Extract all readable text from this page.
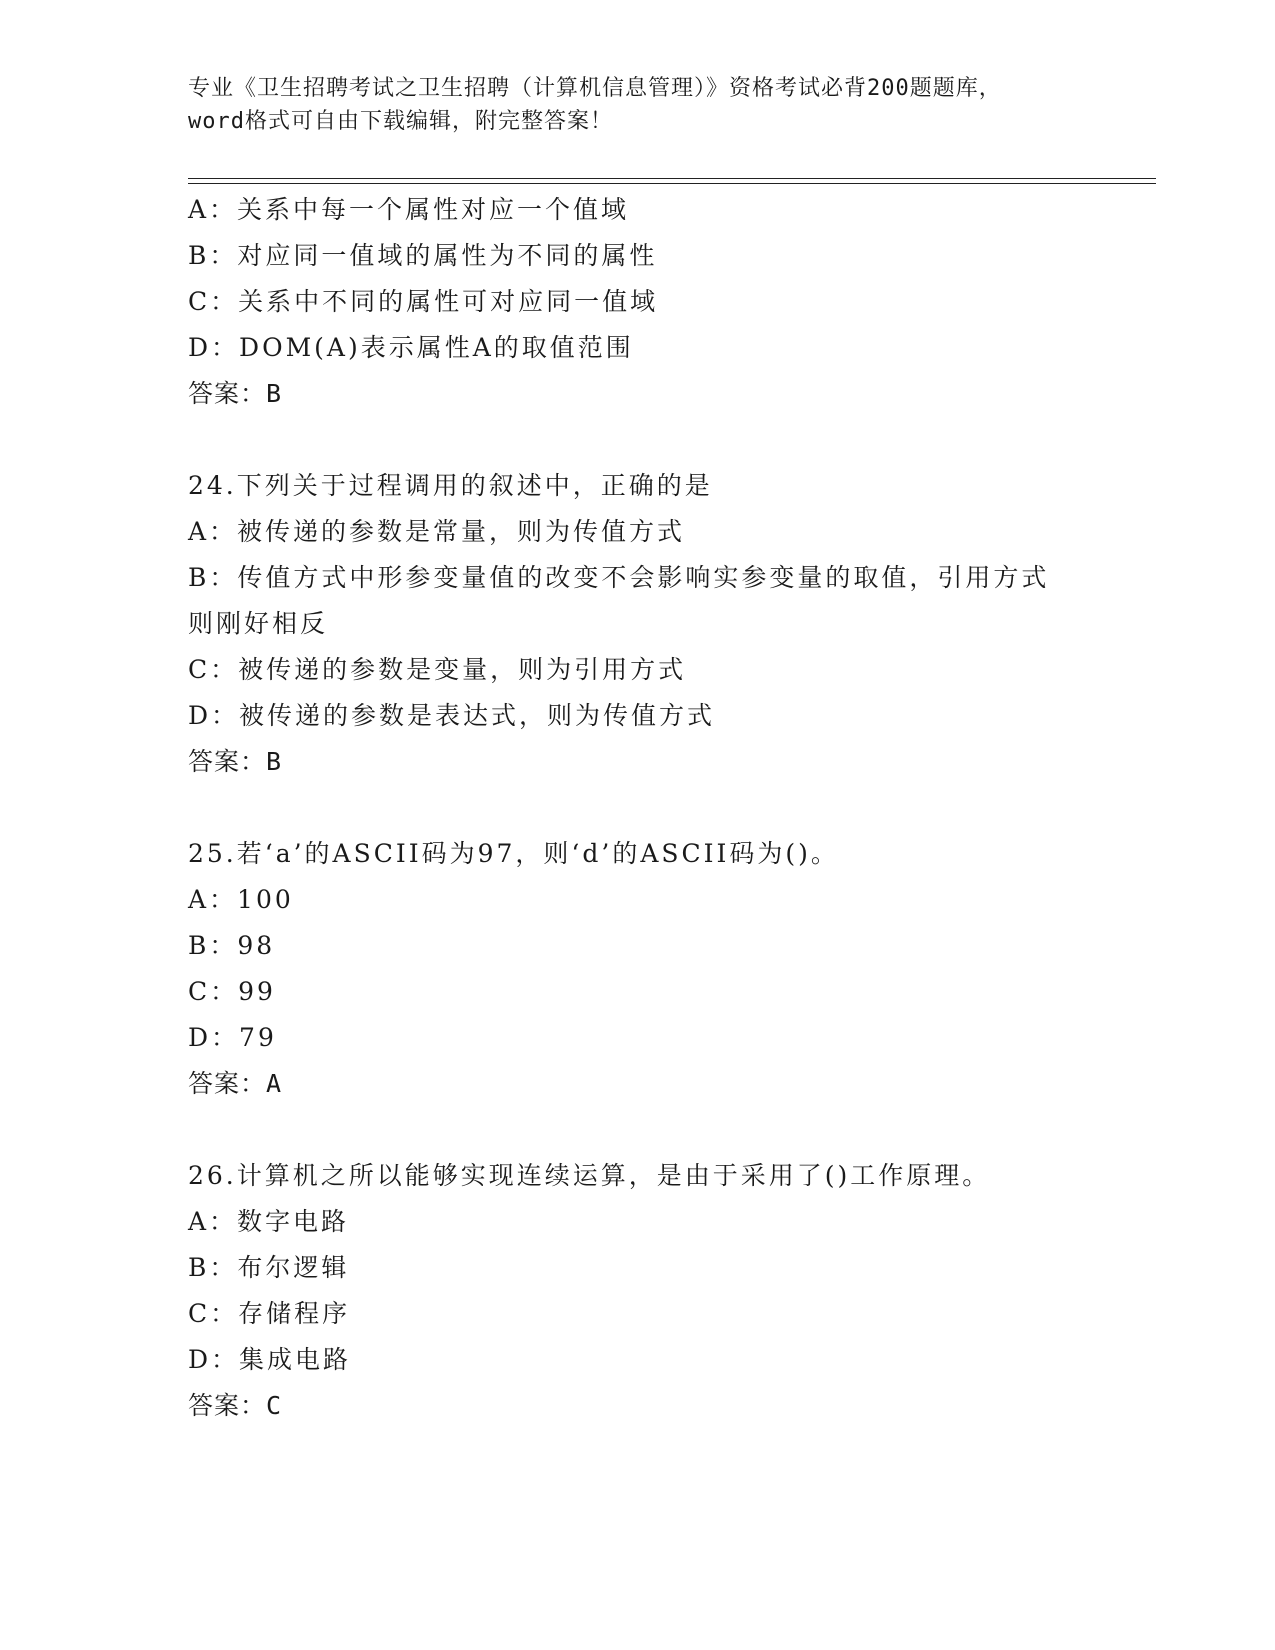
专业《卫生招聘考试之卫生招聘（计算机信息管理）》资格考试必背200题题库，
word格式可自由下载编辑，附完整答案！
A：关系中每一个属性对应一个值域
B：对应同一值域的属性为不同的属性
C：关系中不同的属性可对应同一值域
D：DOM(A)表示属性A的取值范围
答案：B
24.下列关于过程调用的叙述中，正确的是
A：被传递的参数是常量，则为传值方式
B：传值方式中形参变量值的改变不会影响实参变量的取值，引用方式
则刚好相反
C：被传递的参数是变量，则为引用方式
D：被传递的参数是表达式，则为传值方式
答案：B
25.若‘a’的ASCII码为97，则‘d’的ASCII码为()。
A：100
B：98
C：99
D：79
答案：A
26.计算机之所以能够实现连续运算，是由于采用了()工作原理。
A：数字电路
B：布尔逻辑
C：存储程序
D：集成电路
答案：C
